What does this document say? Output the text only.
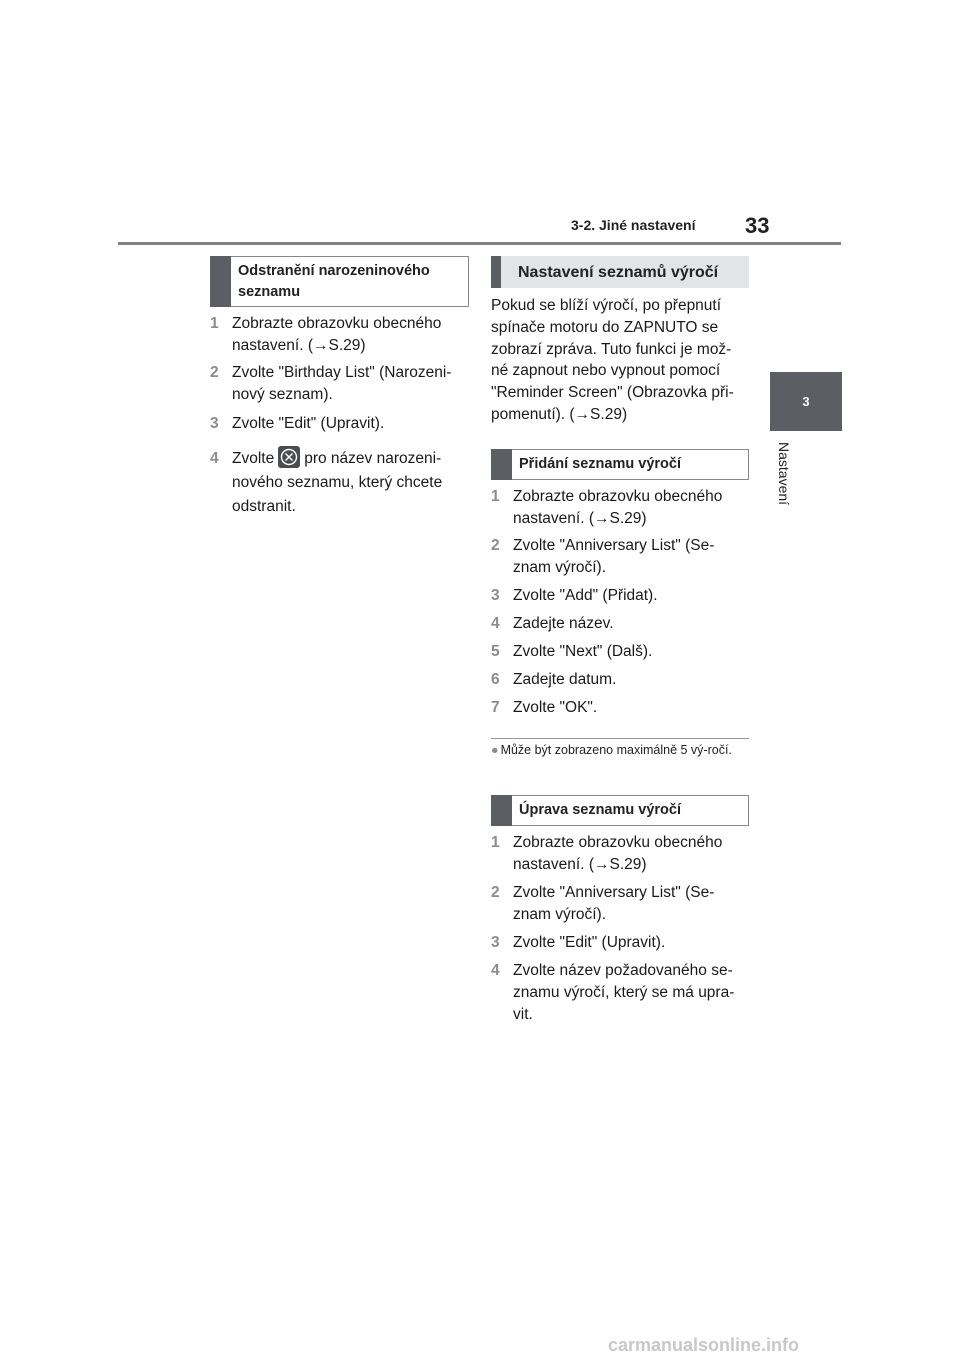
3-2. Jiné nastavení 33
3
Nastavení
Odstranění narozeninového seznamu
1 Zobrazte obrazovku obecného nastavení. (→S.29)
2 Zvolte "Birthday List" (Narozeni-nový seznam).
3 Zvolte "Edit" (Upravit).
4 Zvolte pro název narozeni-
nového seznamu, který chcete odstranit.
Nastavení seznamů výročí
Pokud se blíží výročí, po přepnutí spínače motoru do ZAPNUTO se zobrazí zpráva. Tuto funkci je mož-né zapnout nebo vypnout pomocí "Reminder Screen" (Obrazovka při-pomenutí). (→S.29)
Přidání seznamu výročí
1 Zobrazte obrazovku obecného nastavení. (→S.29)
2 Zvolte "Anniversary List" (Se-znam výročí).
3 Zvolte "Add" (Přidat).
4 Zadejte název.
5 Zvolte "Next" (Dalš).
6 Zadejte datum.
7 Zvolte "OK".
● Může být zobrazeno maximálně 5 vý-ročí.
Úprava seznamu výročí
1 Zobrazte obrazovku obecného nastavení. (→S.29)
2 Zvolte "Anniversary List" (Se-znam výročí).
3 Zvolte "Edit" (Upravit).
4 Zvolte název požadovaného se-znamu výročí, který se má upra-vit.
carmanualsonline.info
